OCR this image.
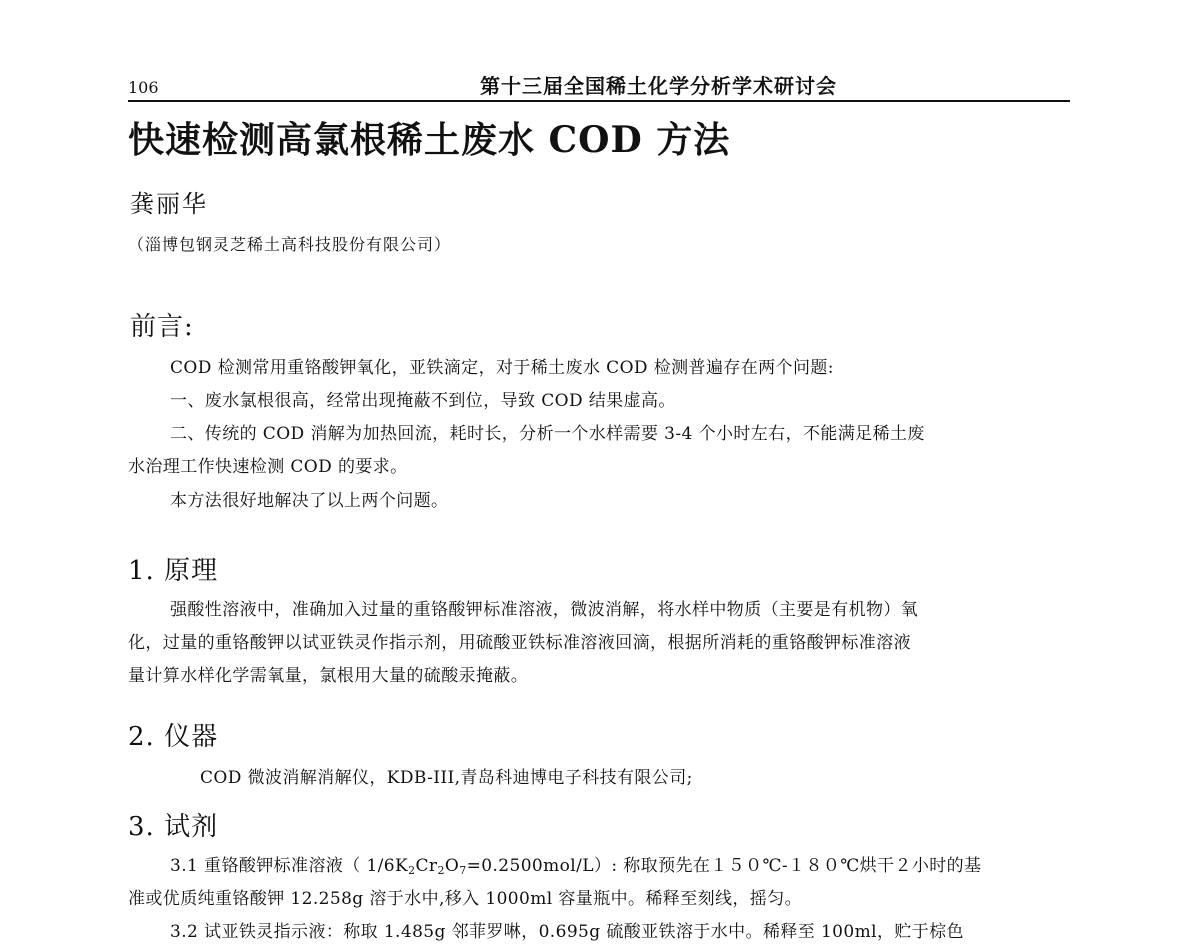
106	第十三届全国稀土化学分析学术研讨会
快速检测高氯根稀土废水 COD 方法
龚丽华
（淄博包钢灵芝稀土高科技股份有限公司）
前言:
COD 检测常用重铬酸钾氧化，亚铁滴定，对于稀土废水 COD 检测普遍存在两个问题:
一、废水氯根很高，经常出现掩蔽不到位，导致 COD 结果虚高。
二、传统的 COD 消解为加热回流，耗时长，分析一个水样需要 3-4 个小时左右，不能满足稀土废
水治理工作快速检测 COD 的要求。
本方法很好地解决了以上两个问题。
1. 原理
强酸性溶液中，准确加入过量的重铬酸钾标准溶液，微波消解，将水样中物质（主要是有机物）氧
化，过量的重铬酸钾以试亚铁灵作指示剂，用硫酸亚铁标准溶液回滴，根据所消耗的重铬酸钾标准溶液
量计算水样化学需氧量，氯根用大量的硫酸汞掩蔽。
2. 仪器
COD 微波消解消解仪，KDB-III,青岛科迪博电子科技有限公司;
3. 试剂
3.1 重铬酸钾标准溶液（ $1/6K_2Cr_2O_7=0.2500mol/L$）: 称取预先在１５０℃-１８０℃烘干２小时的基
准或优质纯重铬酸钾 12.258g 溶于水中,移入 1000ml 容量瓶中。稀释至刻线，摇匀。
3.2 试亚铁灵指示液：称取 1.485g 邻菲罗啉，0.695g 硫酸亚铁溶于水中。稀释至 100ml，贮于棕色
